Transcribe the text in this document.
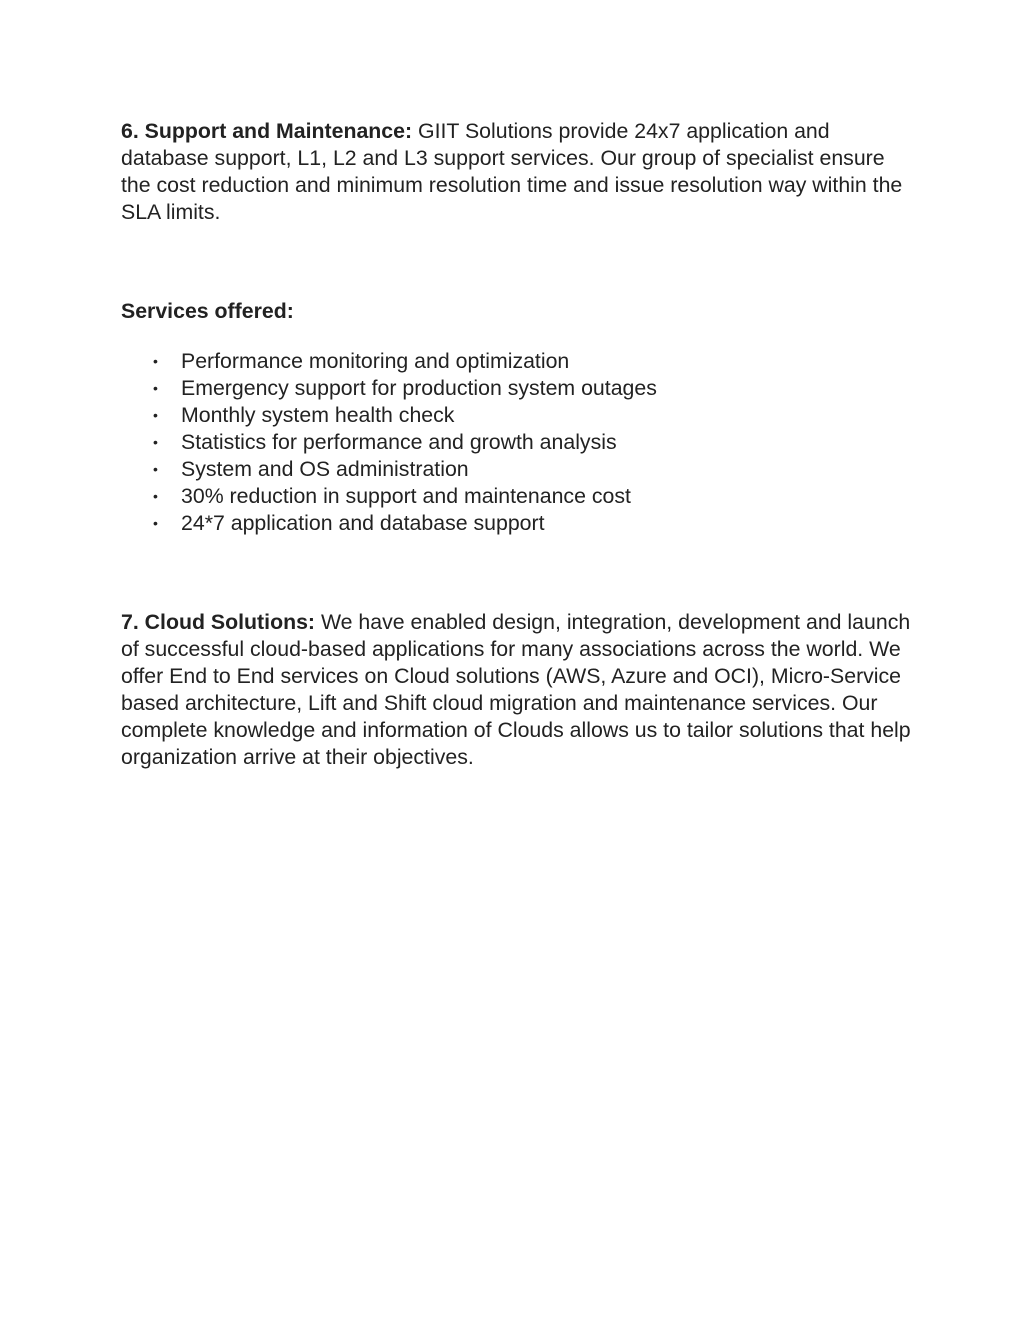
6. Support and Maintenance: GIIT Solutions provide 24x7 application and database support, L1, L2 and L3 support services. Our group of specialist ensure the cost reduction and minimum resolution time and issue resolution way within the SLA limits.

Services offered:

• Performance monitoring and optimization
• Emergency support for production system outages
• Monthly system health check
• Statistics for performance and growth analysis
• System and OS administration
• 30% reduction in support and maintenance cost
• 24*7 application and database support

7. Cloud Solutions: We have enabled design, integration, development and launch of successful cloud-based applications for many associations across the world. We offer End to End services on Cloud solutions (AWS, Azure and OCI), Micro-Service based architecture, Lift and Shift cloud migration and maintenance services. Our complete knowledge and information of Clouds allows us to tailor solutions that help organization arrive at their objectives.
